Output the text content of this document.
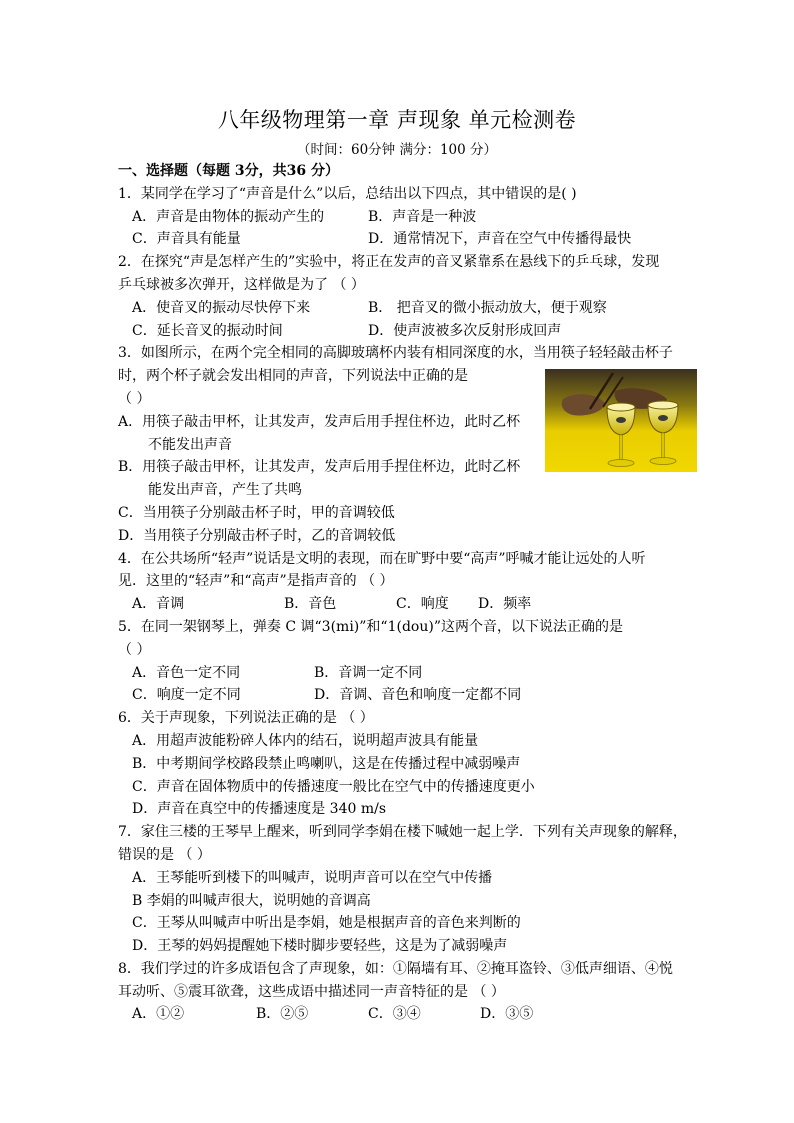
八年级物理第一章 声现象 单元检测卷
（时间：60分钟 满分：100 分）
一、选择题（每题 3分，共36 分）
1．某同学在学习了“声音是什么”以后，总结出以下四点，其中错误的是( )
A．声音是由物体的振动产生的	B．声音是一种波
C．声音具有能量	D．通常情况下，声音在空气中传播得最快
2．在探究“声是怎样产生的”实验中，将正在发声的音叉紧靠系在悬线下的乒乓球，发现
乒乓球被多次弹开，这样做是为了 （ ）
A．使音叉的振动尽快停下来	B． 把音叉的微小振动放大，便于观察
C．延长音叉的振动时间	D．使声波被多次反射形成回声
3．如图所示，在两个完全相同的高脚玻璃杯内装有相同深度的水，当用筷子轻轻敲击杯子
时，两个杯子就会发出相同的声音，下列说法中正确的是
（ ）
A．用筷子敲击甲杯，让其发声，发声后用手捏住杯边，此时乙杯
不能发出声音
B．用筷子敲击甲杯，让其发声，发声后用手捏住杯边，此时乙杯
能发出声音，产生了共鸣
C．当用筷子分别敲击杯子时，甲的音调较低
D．当用筷子分别敲击杯子时，乙的音调较低
4．在公共场所“轻声”说话是文明的表现，而在旷野中要“高声”呼喊才能让远处的人听
见．这里的“轻声”和“高声”是指声音的 （ ）
A．音调	B．音色	C．响度	D．频率
5．在同一架钢琴上，弹奏 C 调“3(mi)”和“1(dou)”这两个音，以下说法正确的是
（ ）
A．音色一定不同	B．音调一定不同
C．响度一定不同	D．音调、音色和响度一定都不同
6．关于声现象，下列说法正确的是 （ ）
A．用超声波能粉碎人体内的结石，说明超声波具有能量
B．中考期间学校路段禁止鸣喇叭，这是在传播过程中减弱噪声
C．声音在固体物质中的传播速度一般比在空气中的传播速度更小
D．声音在真空中的传播速度是 340 m/s
7．家住三楼的王琴早上醒来，听到同学李娟在楼下喊她一起上学．下列有关声现象的解释，
错误的是 （ ）
A．王琴能听到楼下的叫喊声，说明声音可以在空气中传播
B 李娟的叫喊声很大，说明她的音调高
C．王琴从叫喊声中听出是李娟，她是根据声音的音色来判断的
D．王琴的妈妈提醒她下楼时脚步要轻些，这是为了减弱噪声
8．我们学过的许多成语包含了声现象，如：①隔墙有耳、②掩耳盗铃、③低声细语、④悦
耳动听、⑤震耳欲聋，这些成语中描述同一声音特征的是 （ ）
A．①②	B．②⑤	C．③④	D．③⑤
